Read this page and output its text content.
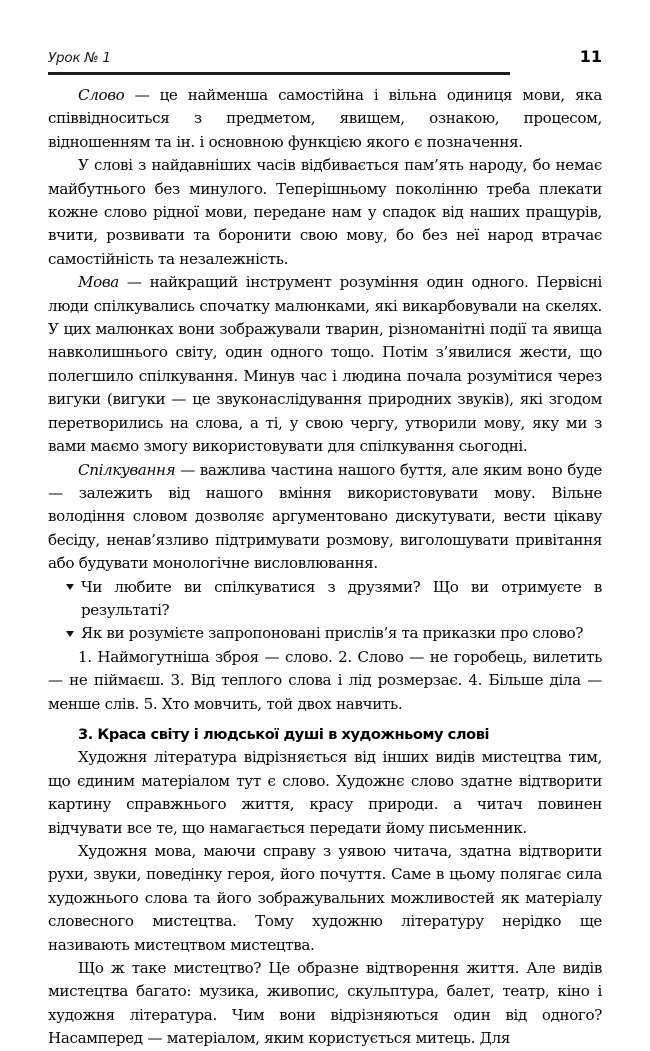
Урок № 1	11

Слово — це найменша самостійна і вільна одиниця мови, яка співвідноситься з предметом, явищем, ознакою, процесом, відношенням та ін. і основною функцією якого є позначення.

У слові з найдавніших часів відбивається пам’ять народу, бо немає майбутнього без минулого. Теперішньому поколінню треба плекати кожне слово рідної мови, передане нам у спадок від наших пращурів, вчити, розвивати та боронити свою мову, бо без неї народ втрачає самостійність та незалежність.

Мова — найкращий інструмент розуміння один одного. Первісні люди спілкувались спочатку малюнками, які викарбовували на скелях. У цих малюнках вони зображували тварин, різноманітні події та явища навколишнього світу, один одного тощо. Потім з’явилися жести, що полегшило спілкування. Минув час і людина почала розумітися через вигуки (вигуки — це звуконаслідування природних звуків), які згодом перетворились на слова, а ті, у свою чергу, утворили мову, яку ми з вами маємо змогу використовувати для спілкування сьогодні.

Спілкування — важлива частина нашого буття, але яким воно буде — залежить від нашого вміння використовувати мову. Вільне володіння словом дозволяє аргументовано дискутувати, вести цікаву бесіду, ненав’язливо підтримувати розмову, виголошувати привітання або будувати монологічне висловлювання.

Чи любите ви спілкуватися з друзями? Що ви отримуєте в результаті?
Як ви розумієте запропоновані прислів’я та приказки про слово?

1. Наймогутніша зброя — слово. 2. Слово — не горобець, вилетить — не піймаєш. 3. Від теплого слова і лід розмерзає. 4. Більше діла — менше слів. 5. Хто мовчить, той двох навчить.

3. Краса світу і людської душі в художньому слові

Художня література відрізняється від інших видів мистецтва тим, що єдиним матеріалом тут є слово. Художнє слово здатне відтворити картину справжнього життя, красу природи. а читач повинен відчувати все те, що намагається передати йому письменник.

Художня мова, маючи справу з уявою читача, здатна відтворити рухи, звуки, поведінку героя, його почуття. Саме в цьому полягає сила художнього слова та його зображувальних можливостей як матеріалу словесного мистецтва. Тому художню літературу нерідко ще називають мистецтвом мистецтва.

Що ж таке мистецтво? Це образне відтворення життя. Але видів мистецтва багато: музика, живопис, скульптура, балет, театр, кіно і художня література. Чим вони відрізняються один від одного? Насамперед — матеріалом, яким користується митець. Для
